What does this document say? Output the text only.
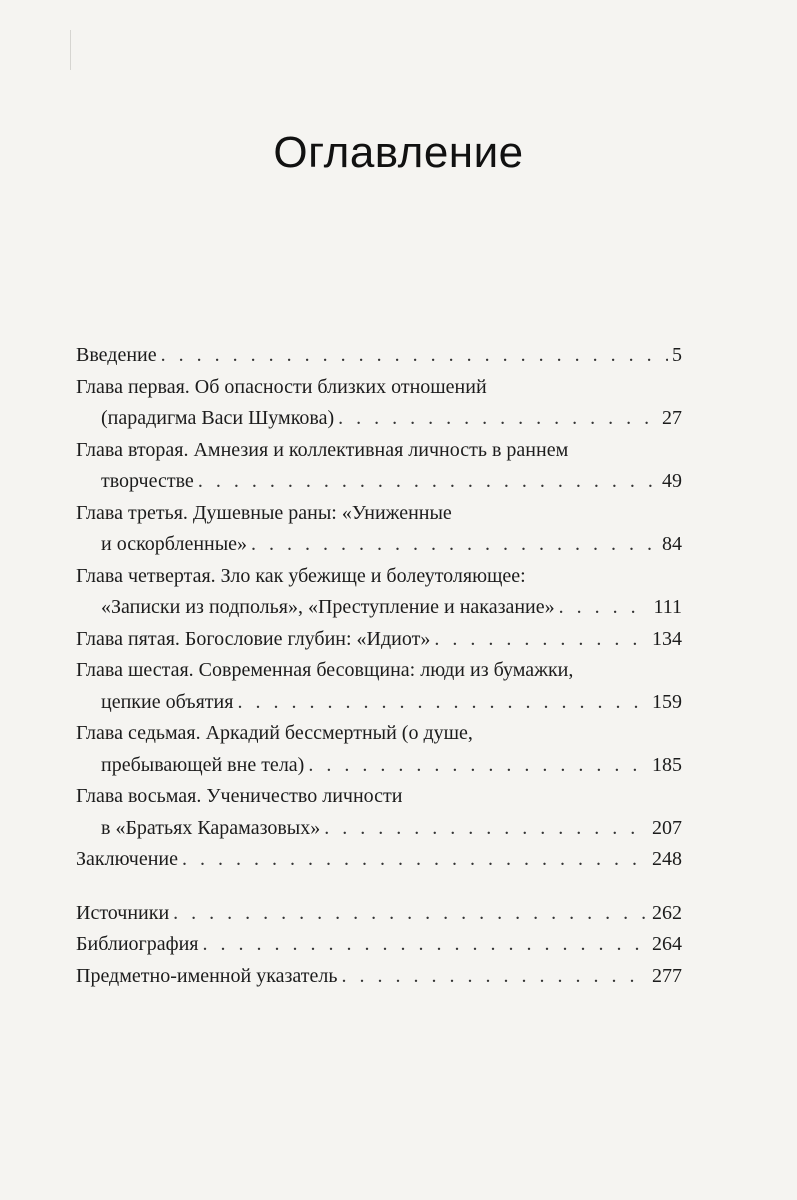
Оглавление
Введение . . .	5
Глава первая. Об опасности близких отношений
(парадигма Васи Шумкова) . . .	27
Глава вторая. Амнезия и коллективная личность в раннем
творчестве . . .	49
Глава третья. Душевные раны: «Униженные
и оскорбленные» . . .	84
Глава четвертая. Зло как убежище и болеутоляющее:
«Записки из подполья», «Преступление и наказание» . . .	111
Глава пятая. Богословие глубин: «Идиот» . . .	134
Глава шестая. Современная бесовщина: люди из бумажки,
цепкие объятия . . .	159
Глава седьмая. Аркадий бессмертный (о душе,
пребывающей вне тела) . . .	185
Глава восьмая. Ученичество личности
в «Братьях Карамазовых» . . .	207
Заключение . . .	248
Источники . . .	262
Библиография . . .	264
Предметно-именной указатель . . .	277
